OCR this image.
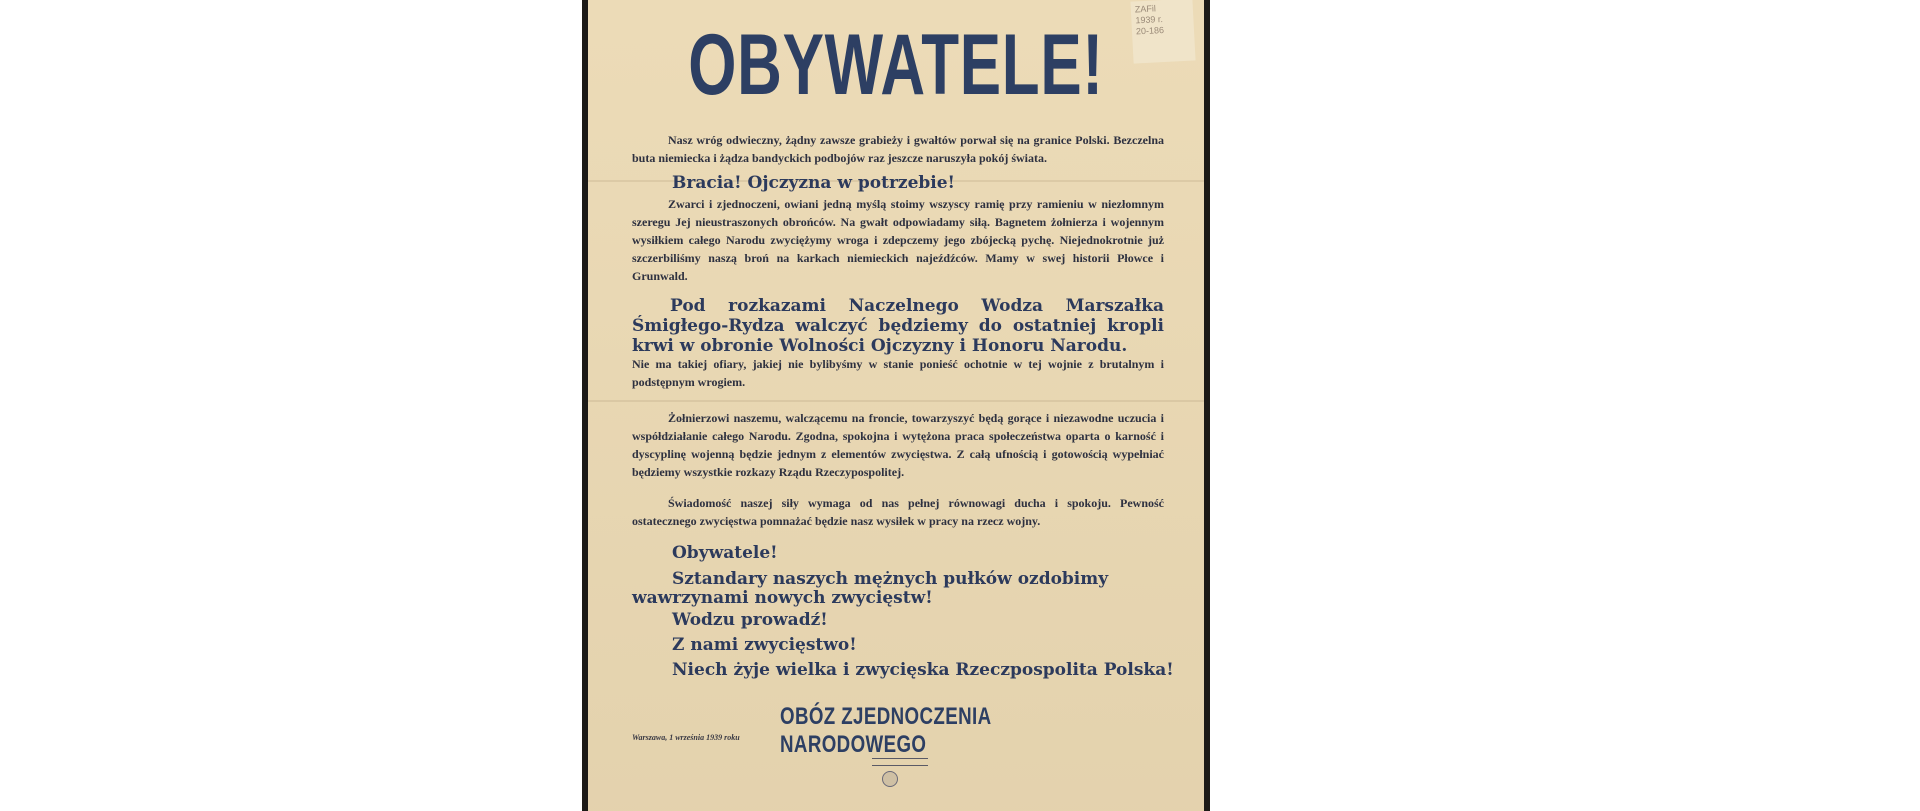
ZAFil
1939 r.
20-186
OBYWATELE!

Nasz wróg odwieczny, żądny zawsze grabieży i gwałtów porwał się na granice Polski. Bezczelna buta niemiecka i żądza bandyckich podbojów raz jeszcze naruszyła pokój świata.

Bracia! Ojczyzna w potrzebie!

Zwarci i zjednoczeni, owiani jedną myślą stoimy wszyscy ramię przy ramieniu w niezłomnym szeregu Jej nieustraszonych obrońców. Na gwałt odpowiadamy siłą. Bagnetem żołnierza i wojennym wysiłkiem całego Narodu zwyciężymy wroga i zdepczemy jego zbójecką pychę. Niejednokrotnie już szczerbiliśmy naszą broń na karkach niemieckich najeźdźców. Mamy w swej historii Płowce i Grunwald.

Pod rozkazami Naczelnego Wodza Marszałka Śmigłego-Rydza walczyć będziemy do ostatniej kropli krwi w obronie Wolności Ojczyzny i Honoru Narodu.

Nie ma takiej ofiary, jakiej nie bylibyśmy w stanie ponieść ochotnie w tej wojnie z brutalnym i podstępnym wrogiem.

Żołnierzowi naszemu, walczącemu na froncie, towarzyszyć będą gorące i niezawodne uczucia i współdziałanie całego Narodu. Zgodna, spokojna i wytężona praca społeczeństwa oparta o karność i dyscyplinę wojenną będzie jednym z elementów zwycięstwa. Z całą ufnością i gotowością wypełniać będziemy wszystkie rozkazy Rządu Rzeczypospolitej.

Świadomość naszej siły wymaga od nas pełnej równowagi ducha i spokoju. Pewność ostatecznego zwycięstwa pomnażać będzie nasz wysiłek w pracy na rzecz wojny.

Obywatele!

Sztandary naszych mężnych pułków ozdobimy wawrzynami nowych zwycięstw!

Wodzu prowadź!

Z nami zwycięstwo!

Niech żyje wielka i zwycięska Rzeczpospolita Polska!

OBÓZ ZJEDNOCZENIA NARODOWEGO

Warszawa, 1 września 1939 roku
